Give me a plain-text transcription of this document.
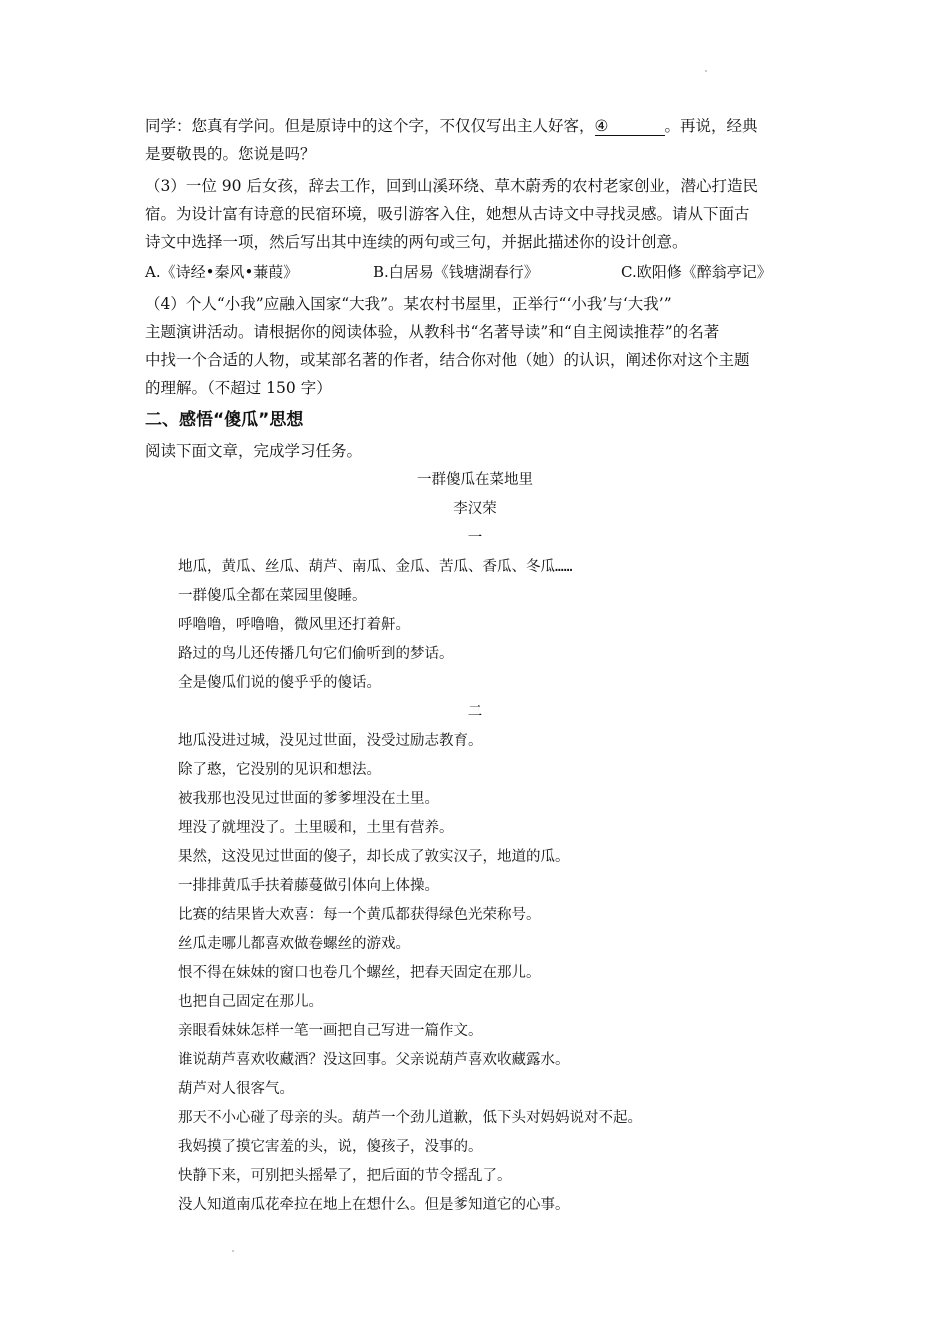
同学：您真有学问。但是原诗中的这个字，不仅仅写出主人好客，④	。再说，经典
是要敬畏的。您说是吗？
（3）一位 90 后女孩，辞去工作，回到山溪环绕、草木蔚秀的农村老家创业，潜心打造民
宿。为设计富有诗意的民宿环境，吸引游客入住，她想从古诗文中寻找灵感。请从下面古
诗文中选择一项，然后写出其中连续的两句或三句，并据此描述你的设计创意。
A.《诗经•秦风•蒹葭》	B.白居易《钱塘湖春行》	C.欧阳修《醉翁亭记》
（4）个人“小我”应融入国家“大我”。某农村书屋里，正举行“‘小我’与‘大我’”
主题演讲活动。请根据你的阅读体验，从教科书“名著导读”和“自主阅读推荐”的名著
中找一个合适的人物，或某部名著的作者，结合你对他（她）的认识，阐述你对这个主题
的理解。（不超过 150 字）
二、感悟“傻瓜”思想
阅读下面文章，完成学习任务。
一群傻瓜在菜地里
李汉荣
一
地瓜，黄瓜、丝瓜、葫芦、南瓜、金瓜、苦瓜、香瓜、冬瓜……
一群傻瓜全都在菜园里傻睡。
呼噜噜，呼噜噜，微风里还打着鼾。
路过的鸟儿还传播几句它们偷听到的梦话。
全是傻瓜们说的傻乎乎的傻话。
二
地瓜没进过城，没见过世面，没受过励志教育。
除了憨，它没别的见识和想法。
被我那也没见过世面的爹爹埋没在土里。
埋没了就埋没了。土里暖和，土里有营养。
果然，这没见过世面的傻子，却长成了敦实汉子，地道的瓜。
一排排黄瓜手扶着藤蔓做引体向上体操。
比赛的结果皆大欢喜：每一个黄瓜都获得绿色光荣称号。
丝瓜走哪儿都喜欢做卷螺丝的游戏。
恨不得在妹妹的窗口也卷几个螺丝，把春天固定在那儿。
也把自己固定在那儿。
亲眼看妹妹怎样一笔一画把自己写进一篇作文。
谁说葫芦喜欢收藏酒？没这回事。父亲说葫芦喜欢收藏露水。
葫芦对人很客气。
那天不小心碰了母亲的头。葫芦一个劲儿道歉，低下头对妈妈说对不起。
我妈摸了摸它害羞的头，说，傻孩子，没事的。
快静下来，可别把头摇晕了，把后面的节令摇乱了。
没人知道南瓜花牵拉在地上在想什么。但是爹知道它的心事。
